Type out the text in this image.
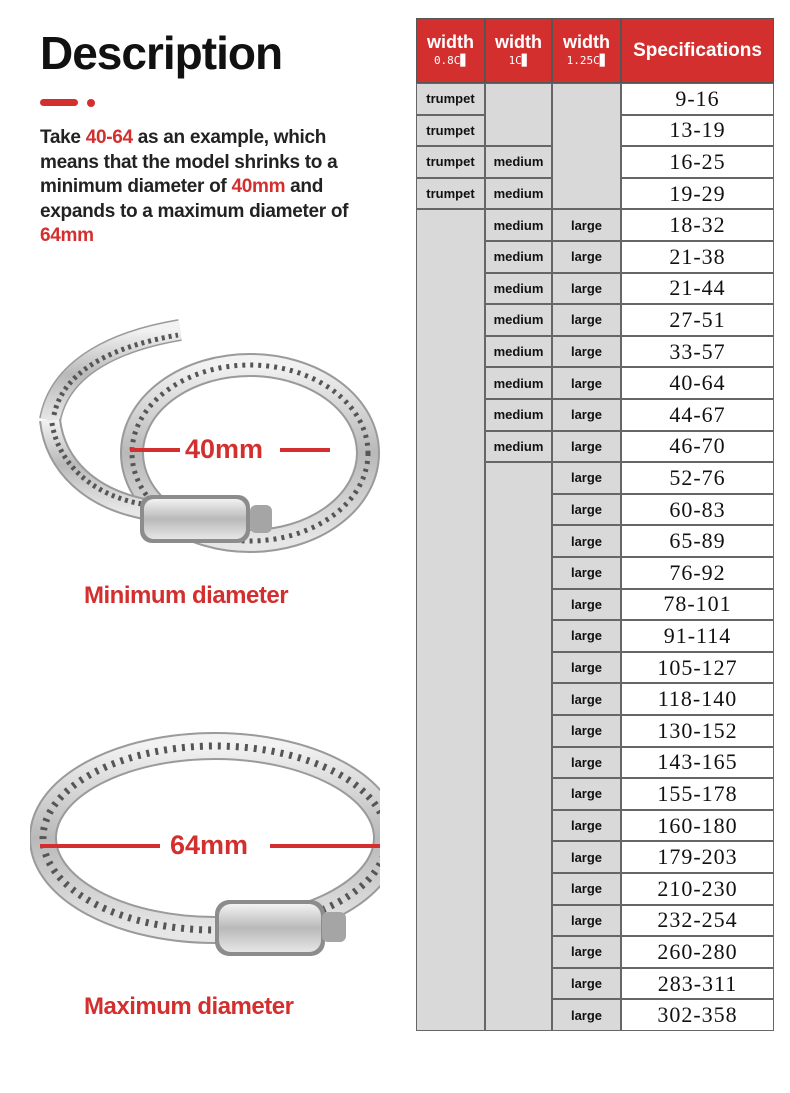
Description
Take 40-64 as an example, which means that the model shrinks to a minimum diameter of 40mm and expands to a maximum diameter of 64mm
40mm
Minimum diameter
64mm
Maximum diameter
width
0.8C▊
width
1C▊
width
1.25C▊ Specifications
trumpet
trumpet
trumpet
trumpet
medium
medium
medium
medium
medium
medium
medium
medium
medium
medium
large
large
large
large
large
large
large
large
large
large
large
large
large
large
large
large
large
large
large
large
large
large
large
large
large
large
9-16
13-19
16-25
19-29
18-32
21-38
21-44
27-51
33-57
40-64
44-67
46-70
52-76
60-83
65-89
76-92
78-101
91-114
105-127
118-140
130-152
143-165
155-178
160-180
179-203
210-230
232-254
260-280
283-311
302-358
